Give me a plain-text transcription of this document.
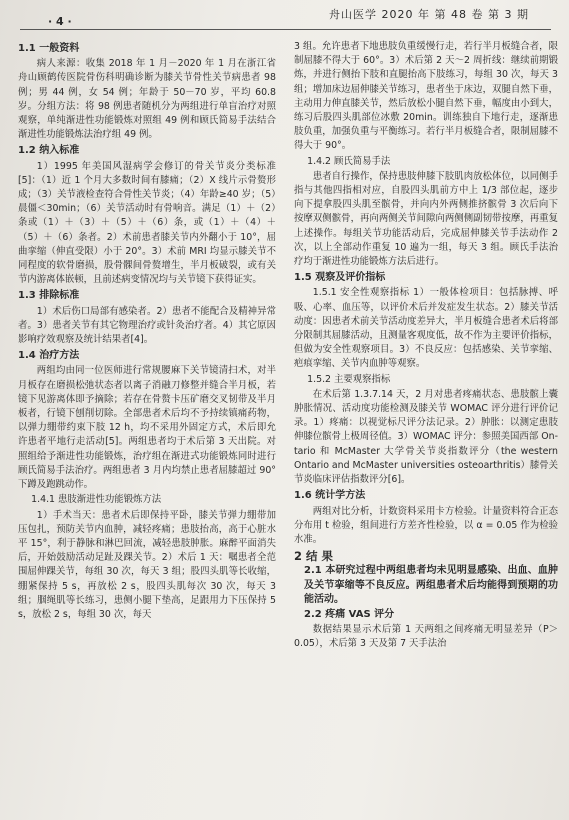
· 4 ·
舟山医学 2020 年 第 48 卷 第 3 期
1.1 一般资料

病人来源：收集 2018 年 1 月－2020 年 1 月在浙江省舟山顾鹤传医院骨伤科明确诊断为膝关节骨性关节病患者 98 例；男 44 例，女 54 例；年龄于 50－70 岁，平均 60.8 岁。分组方法：将 98 例患者随机分为两组进行单盲治疗对照观察，单纯渐进性功能锻炼对照组 49 例和顾氏简易手法结合渐进性功能锻炼法治疗组 49 例。

1.2 纳入标准

1）1995 年美国风湿病学会修订的骨关节炎分类标准[5]：（1）近 1 个月大多数时间有膝痛；（2）X 线片示骨赘形成；（3）关节液检查符合骨性关节炎；（4）年龄≥40 岁；（5）晨僵＜30min；（6）关节活动时有骨响音。满足（1）＋（2）条或（1）＋（3）＋（5）＋（6）条，或（1）＋（4）＋（5）＋（6）条者。2）术前患者膝关节内外翻小于 10°，屈曲挛缩（伸直受限）小于 20°。3）术前 MRI 均显示膝关节不同程度的软骨磨损，股骨髁间骨赘增生，半月板破裂，或有关节内游离体嵌顿，且前述病变情况均与关节镜下获得证实。

1.3 排除标准

1）术后伤口局部有感染者。2）患者不能配合及精神异常者。3）患者关节有其它物理治疗或针灸治疗者。4）其它原因影响疗效观察及统计结果者[4]。

1.4 治疗方法

两组均由同一位医师进行常规腰麻下关节镜清扫术，对半月板存在磨损松弛状态者以离子消融刀修整并缝合半月板，若镜下见游离体即予摘除；若存在骨赘卡压矿磨交叉韧带及半月板者，行镜下刨削切除。全部患者术后均不予持续镇痛药物，以弹力绷带约束下肢 12 h，均不采用外固定方式，术后即允许患者平地行走活动[5]。两组患者均于术后第 3 天出院。对照组给予渐进性功能锻炼，治疗组在渐进式功能锻炼同时进行顾氏简易手法治疗。两组患者 3 月内均禁止患者屈膝超过 90° 下蹲及跑跳动作。

1.4.1 患肢渐进性功能锻炼方法

1）手术当天：患者术后即保持平卧，膝关节弹力绷带加压包扎，预防关节内血肿，减轻疼痛；患肢抬高，高于心脏水平 15°，利于静脉和淋巴回流，减轻患肢肿胀。麻醉平面消失后，开始鼓励活动足趾及踝关节。2）术后 1 天：嘱患者全范围屈伸踝关节，每组 30 次，每天 3 组；股四头肌等长收缩，绷紧保持 5 s，再放松 2 s，股四头肌每次 30 次，每天 3 组；腘绳肌等长练习，患侧小腿下垫高，足跟用力下压保持 5 s，放松 2 s，每组 30 次，每天

3 组。允许患者下地患肢负重缓慢行走，若行半月板缝合者，限制屈膝不得大于 60°。3）术后第 2 天～2 周折线：继续前期锻炼，并进行侧抬下肢和直腿抬高下肢练习，每组 30 次，每天 3 组；增加床边屈伸膝关节练习，患者坐于床边，双腿自然下垂，主动用力伸直膝关节，然后放松小腿自然下垂，幅度由小到大，练习后股四头肌部位冰敷 20min。训练独自下地行走，逐渐患肢负重，加强负重与平衡练习。若行半月板缝合者，限制屈膝不得大于 90°。

1.4.2 顾氏简易手法

患者自行操作，保持患肢伸膝下肢肌肉放松体位，以同侧手指与其他四指相对应，自股四头肌前方中上 1/3 部位起，逐步向下提拿股四头肌至髌骨，并向内外两侧推挤髌骨 3 次后向下按摩双侧髌骨，再向两侧关节间隙向两侧侧副韧带按摩，再重复上述操作。每组关节功能活动后，完成屈伸膝关节手法动作 2 次，以上全部动作重复 10 遍为一组，每天 3 组。顾氏手法治疗均于渐进性功能锻炼方法后进行。

1.5 观察及评价指标

1.5.1 安全性观察指标 1）一般体检项目：包括脉搏、呼吸、心率、血压等，以评价术后并发症发生状态。2）膝关节活动度：因患者术前关节活动度差异大，半月板缝合患者术后将部分限制其屈膝活动，且测量客观度低，故不作为主要评价指标，但做为安全性观察项目。3）不良反应：包括感染、关节挛缩、疤痕挛缩、关节内血肿等观察。

1.5.2 主要观察指标

在术后第 1.3.7.14 天，2 月对患者疼痛状态、患肢髌上囊肿胀情况、活动度功能检测及膝关节 WOMAC 评分进行评价记录。1）疼痛：以视觉标尺评分法记录。2）肿胀：以测定患肢伸膝位髌骨上极周径值。3）WOMAC 评分：参照美国西部 On-tario 和 McMaster 大学骨关节炎指数评分（the western Ontario and McMaster universities osteoarthritis）膝骨关节炎临床评估指数评分[6]。

1.6 统计学方法

两组对比分析，计数资料采用卡方检验。计量资料符合正态分布用 t 检验，组间进行方差齐性检验，以 α = 0.05 作为检验水准。

2 结 果
2.1 本研究过程中两组患者均未见明显感染、出血、血肿及关节挛缩等不良反应。两组患者术后均能得到预期的功能活动。
2.2 疼痛 VAS 评分

数据结果显示术后第 1 天两组之间疼痛无明显差异（P＞0.05），术后第 3 天及第 7 天手法治
